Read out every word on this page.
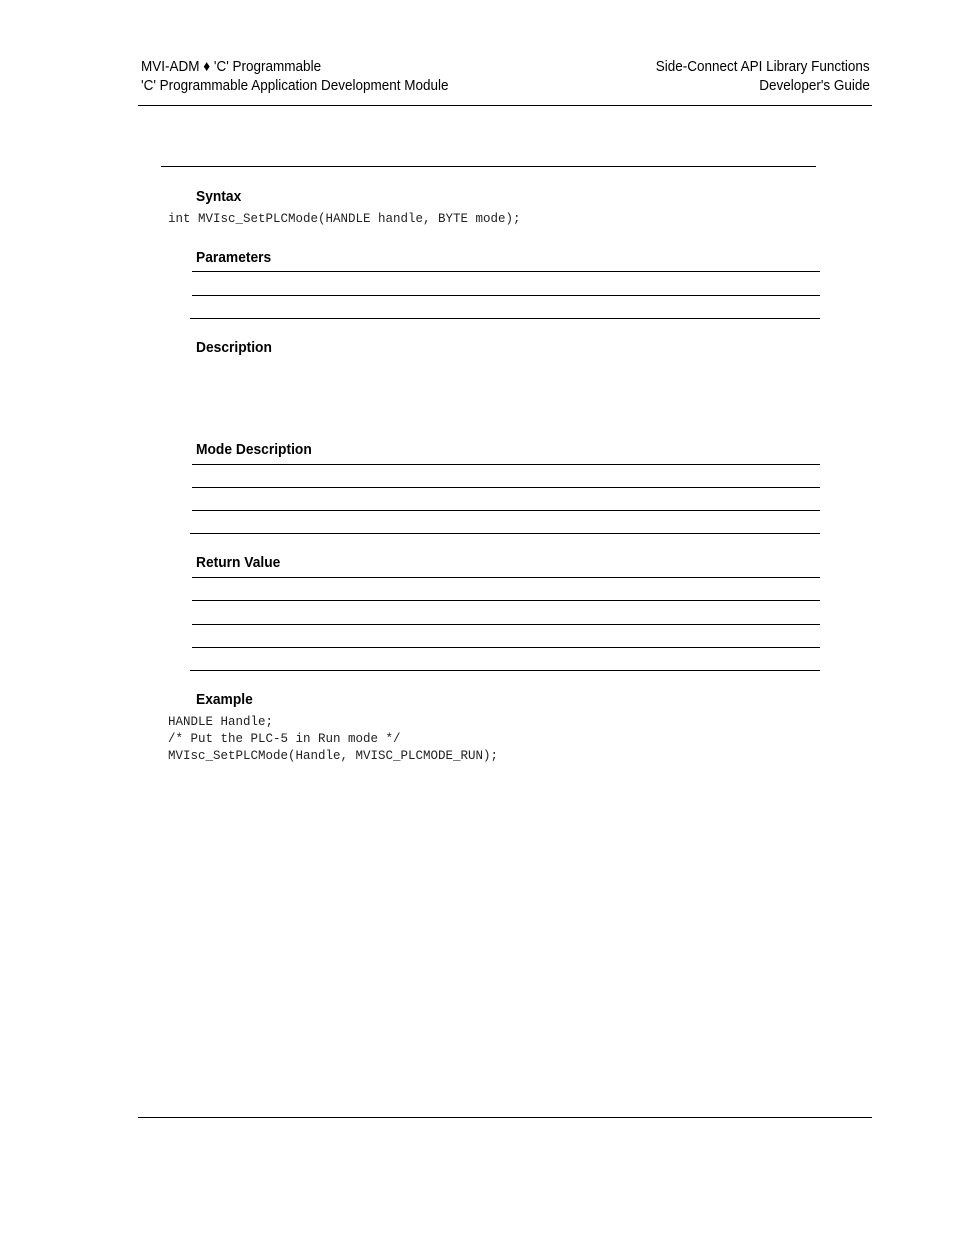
MVI-ADM ♦ 'C' Programmable
'C' Programmable Application Development Module
Side-Connect API Library Functions
Developer's Guide
Syntax
int MVIsc_SetPLCMode(HANDLE handle, BYTE mode);
Parameters
Description
Mode Description
Return Value
Example
HANDLE Handle;
/* Put the PLC-5 in Run mode */
MVIsc_SetPLCMode(Handle, MVISC_PLCMODE_RUN);
